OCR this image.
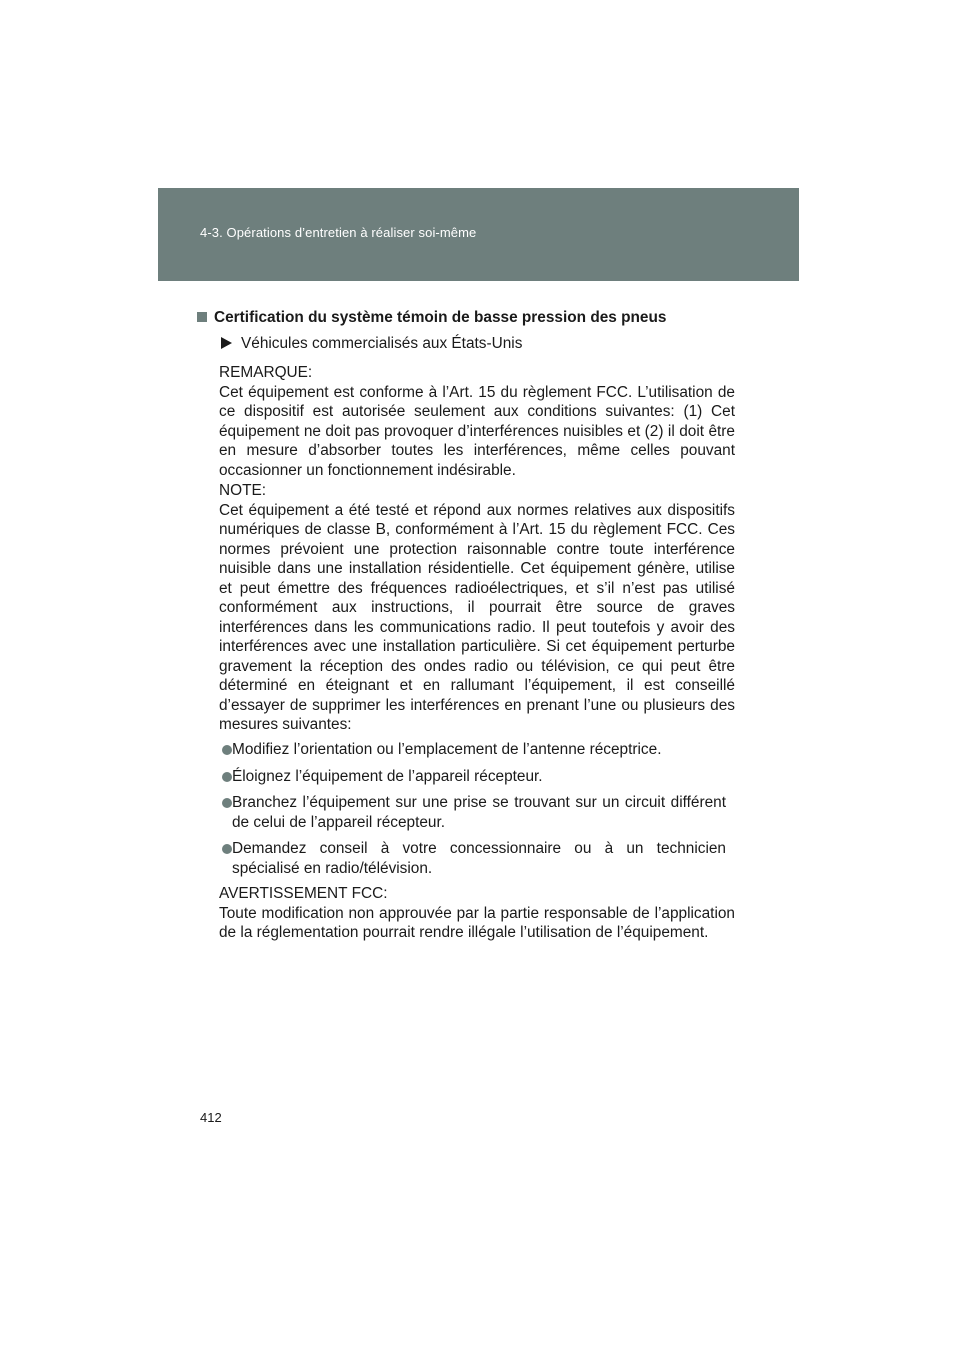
4-3. Opérations d’entretien à réaliser soi-même
Certification du système témoin de basse pression des pneus
Véhicules commercialisés aux États-Unis

REMARQUE:

Cet équipement est conforme à l’Art. 15 du règlement FCC. L’utilisation de ce dispositif est autorisée seulement aux conditions suivantes: (1) Cet équipement ne doit pas provoquer d’interférences nuisibles et (2) il doit être en mesure d’absorber toutes les interférences, même celles pouvant occasionner un fonctionnement indésirable.

NOTE:

Cet équipement a été testé et répond aux normes relatives aux dispositifs numériques de classe B, conformément à l’Art. 15 du règlement FCC. Ces normes prévoient une protection raisonnable contre toute interférence nuisible dans une installation résidentielle. Cet équipement génère, utilise et peut émettre des fréquences radioélectriques, et s’il n’est pas utilisé conformément aux instructions, il pourrait être source de graves interférences dans les communications radio. Il peut toutefois y avoir des interférences avec une installation particulière. Si cet équipement perturbe gravement la réception des ondes radio ou télévision, ce qui peut être déterminé en éteignant et en rallumant l’équipement, il est conseillé d’essayer de supprimer les interférences en prenant l’une ou plusieurs des mesures suivantes:

Modifiez l’orientation ou l’emplacement de l’antenne réceptrice.
Éloignez l’équipement de l’appareil récepteur.
Branchez l’équipement sur une prise se trouvant sur un circuit différent de celui de l’appareil récepteur.
Demandez conseil à votre concessionnaire ou à un technicien spécialisé en radio/télévision.

AVERTISSEMENT FCC:

Toute modification non approuvée par la partie responsable de l’application de la réglementation pourrait rendre illégale l’utilisation de l’équipement.

412
